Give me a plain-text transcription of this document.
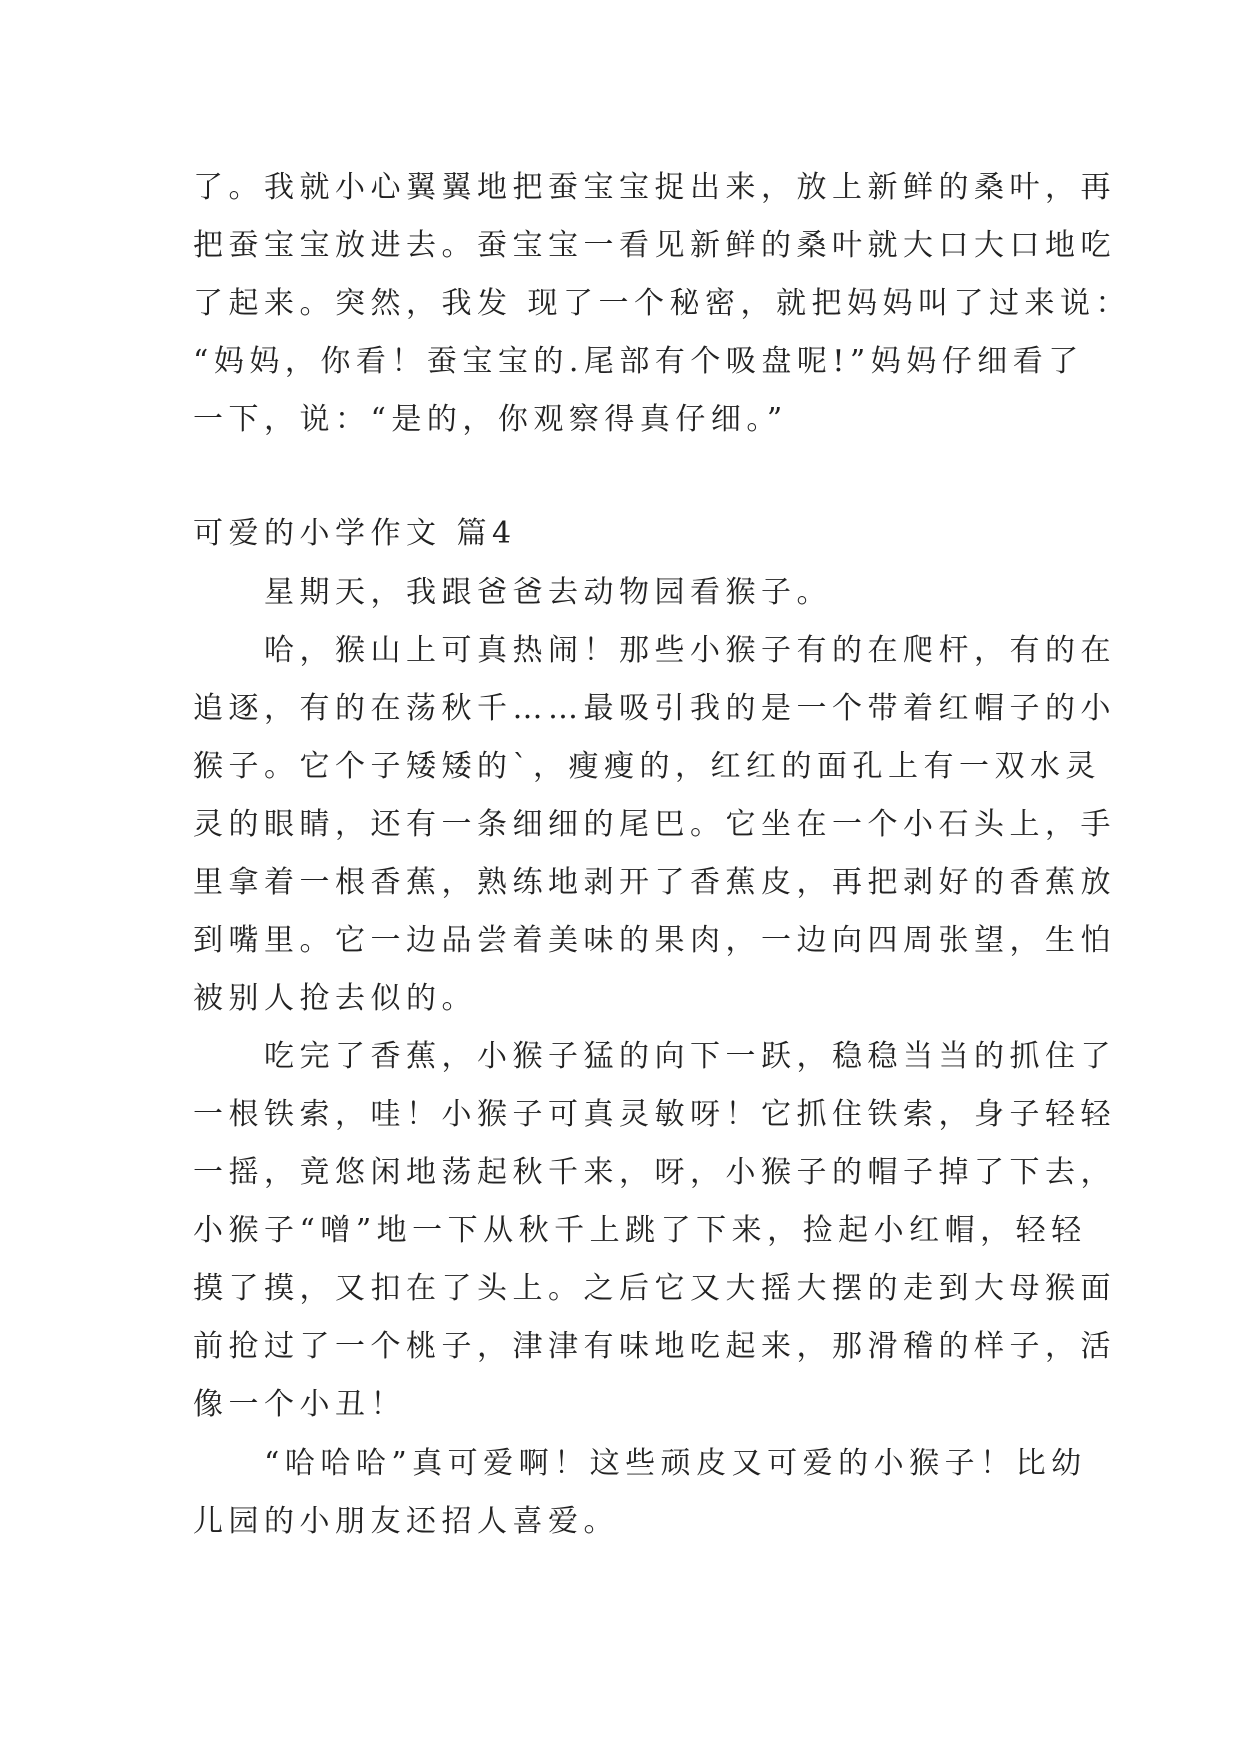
了。我就小心翼翼地把蚕宝宝捉出来，放上新鲜的桑叶，再
把蚕宝宝放进去。蚕宝宝一看见新鲜的桑叶就大口大口地吃
了起来。突然，我发 现了一个秘密，就把妈妈叫了过来说：
“妈妈，你看！蚕宝宝的.尾部有个吸盘呢!”妈妈仔细看了
一下，说：“是的，你观察得真仔细。”
可爱的小学作文 篇4
　　星期天，我跟爸爸去动物园看猴子。
　　哈，猴山上可真热闹！那些小猴子有的在爬杆，有的在
追逐，有的在荡秋千……最吸引我的是一个带着红帽子的小
猴子。它个子矮矮的`，瘦瘦的，红红的面孔上有一双水灵
灵的眼睛，还有一条细细的尾巴。它坐在一个小石头上，手
里拿着一根香蕉，熟练地剥开了香蕉皮，再把剥好的香蕉放
到嘴里。它一边品尝着美味的果肉，一边向四周张望，生怕
被别人抢去似的。
　　吃完了香蕉，小猴子猛的向下一跃，稳稳当当的抓住了
一根铁索，哇！小猴子可真灵敏呀！它抓住铁索，身子轻轻
一摇，竟悠闲地荡起秋千来，呀，小猴子的帽子掉了下去，
小猴子“噌”地一下从秋千上跳了下来，捡起小红帽，轻轻
摸了摸，又扣在了头上。之后它又大摇大摆的走到大母猴面
前抢过了一个桃子，津津有味地吃起来，那滑稽的样子，活
像一个小丑！
　　“哈哈哈”真可爱啊！这些顽皮又可爱的小猴子！比幼
儿园的小朋友还招人喜爱。
